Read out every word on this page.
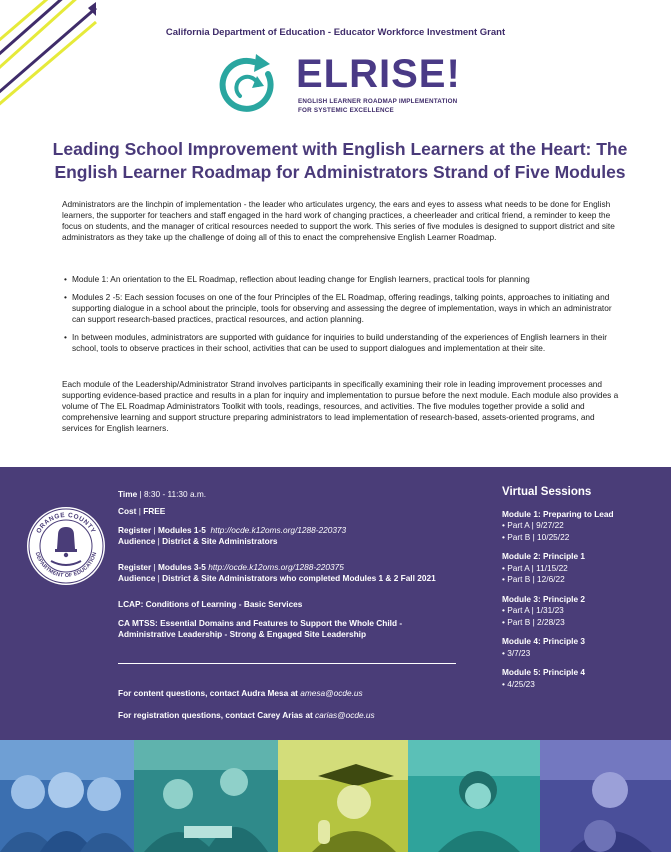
California Department of Education - Educator Workforce Investment Grant
ELRISE!
ENGLISH LEARNER ROADMAP IMPLEMENTATION
FOR SYSTEMIC EXCELLENCE
Leading School Improvement with English Learners at the Heart: The
English Learner Roadmap for Administrators Strand of Five Modules

Administrators are the linchpin of implementation - the leader who articulates urgency, the ears and eyes to assess what needs to be done for English learners, the supporter for teachers and staff engaged in the hard work of changing practices, a cheerleader and critical friend, a reminder to keep the focus on students, and the manager of critical resources needed to support the work. This series of five modules is designed to support district and site administrators as they take up the challenge of doing all of this to enact the comprehensive English Learner Roadmap.

• Module 1: An orientation to the EL Roadmap, reflection about leading change for English learners, practical tools for planning
• Modules 2 -5: Each session focuses on one of the four Principles of the EL Roadmap, offering readings, talking points, approaches to initiating and supporting dialogue in a school about the principle, tools for observing and assessing the degree of implementation, ways in which an administrator can support research-based practices, practical resources, and action planning.
• In between modules, administrators are supported with guidance for inquiries to build understanding of the experiences of English learners in their school, tools to observe practices in their school, activities that can be used to support dialogues and implementation at their site.

Each module of the Leadership/Administrator Strand involves participants in specifically examining their role in leading improvement processes and supporting evidence-based practice and results in a plan for inquiry and implementation to pursue before the next module. Each module also provides a volume of The EL Roadmap Administrators Toolkit with tools, readings, resources, and activities. The five modules together provide a solid and comprehensive learning and support structure preparing administrators to lead implementation of research-based, assets-oriented programs, and services for English learners.

ORANGE COUNTY
DEPARTMENT OF EDUCATION
Time | 8:30 - 11:30 a.m.
Cost | FREE
Register | Modules 1-5 http://ocde.k12oms.org/1288-220373
Audience | District & Site Administrators
Register | Modules 3-5 http://ocde.k12oms.org/1288-220375
Audience | District & Site Administrators who completed Modules 1 & 2 Fall 2021
LCAP: Conditions of Learning - Basic Services
CA MTSS: Essential Domains and Features to Support the Whole Child -
Administrative Leadership - Strong & Engaged Site Leadership
For content questions, contact Audra Mesa at amesa@ocde.us
For registration questions, contact Carey Arias at carias@ocde.us
Virtual Sessions
Module 1: Preparing to Lead
• Part A | 9/27/22
• Part B | 10/25/22
Module 2: Principle 1
• Part A | 11/15/22
• Part B | 12/6/22
Module 3: Principle 2
• Part A | 1/31/23
• Part B | 2/28/23
Module 4: Principle 3
• 3/7/23
Module 5: Principle 4
• 4/25/23
